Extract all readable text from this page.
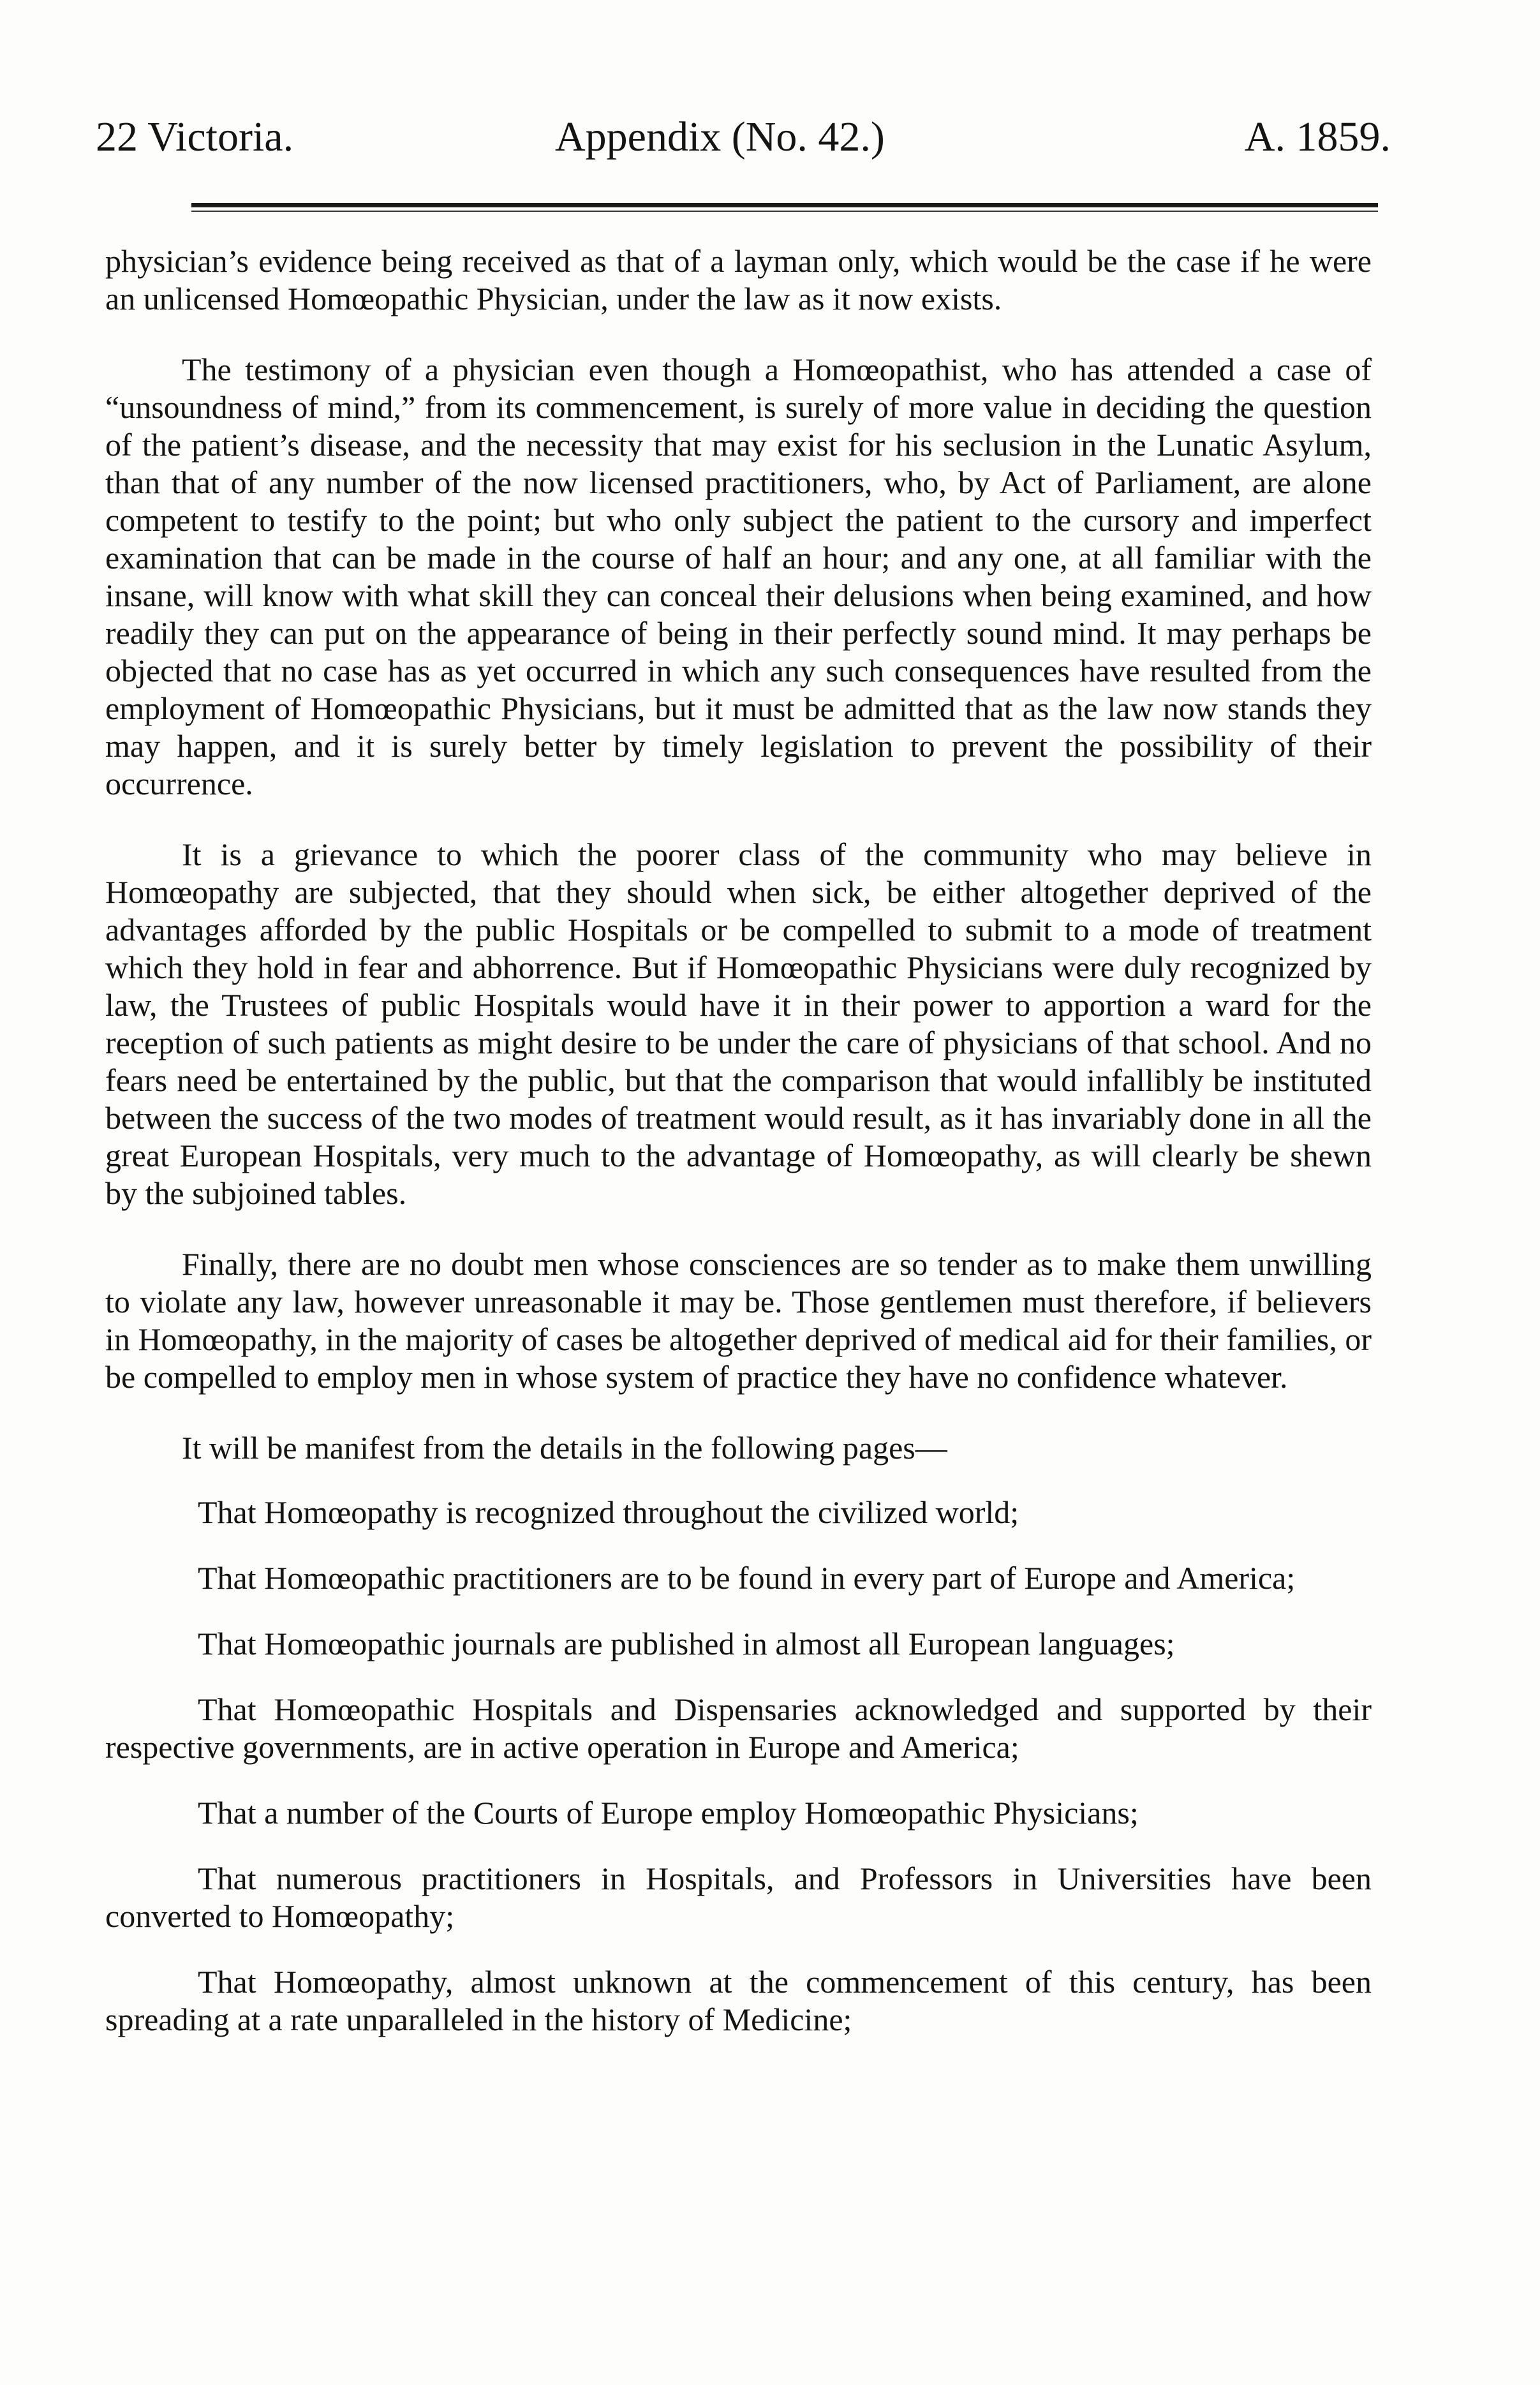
22 Victoria.	Appendix (No. 42.)	A. 1859.

physician’s evidence being received as that of a layman only, which would be the case if he were an unlicensed Homœopathic Physician, under the law as it now exists.

The testimony of a physician even though a Homœopathist, who has attended a case of “unsoundness of mind,” from its commencement, is surely of more value in deciding the question of the patient’s disease, and the necessity that may exist for his seclusion in the Lunatic Asylum, than that of any number of the now licensed practitioners, who, by Act of Parliament, are alone competent to testify to the point; but who only subject the patient to the cursory and imperfect examination that can be made in the course of half an hour; and any one, at all familiar with the insane, will know with what skill they can conceal their delusions when being examined, and how readily they can put on the appearance of being in their perfectly sound mind. It may perhaps be objected that no case has as yet occurred in which any such consequences have resulted from the employment of Homœopathic Physicians, but it must be admitted that as the law now stands they may happen, and it is surely better by timely legislation to prevent the possibility of their occurrence.

It is a grievance to which the poorer class of the community who may believe in Homœopathy are subjected, that they should when sick, be either altogether deprived of the advantages afforded by the public Hospitals or be compelled to submit to a mode of treatment which they hold in fear and abhorrence. But if Homœopathic Physicians were duly recognized by law, the Trustees of public Hospitals would have it in their power to apportion a ward for the reception of such patients as might desire to be under the care of physicians of that school. And no fears need be entertained by the public, but that the comparison that would infallibly be instituted between the success of the two modes of treatment would result, as it has invariably done in all the great European Hospitals, very much to the advantage of Homœopathy, as will clearly be shewn by the subjoined tables.

Finally, there are no doubt men whose consciences are so tender as to make them unwilling to violate any law, however unreasonable it may be. Those gentlemen must therefore, if believers in Homœopathy, in the majority of cases be altogether deprived of medical aid for their families, or be compelled to employ men in whose system of practice they have no confidence whatever.

It will be manifest from the details in the following pages—

That Homœopathy is recognized throughout the civilized world;

That Homœopathic practitioners are to be found in every part of Europe and America;

That Homœopathic journals are published in almost all European languages;

That Homœopathic Hospitals and Dispensaries acknowledged and supported by their respective governments, are in active operation in Europe and America;

That a number of the Courts of Europe employ Homœopathic Physicians;

That numerous practitioners in Hospitals, and Professors in Universities have been converted to Homœopathy;

That Homœopathy, almost unknown at the commencement of this century, has been spreading at a rate unparalleled in the history of Medicine;
